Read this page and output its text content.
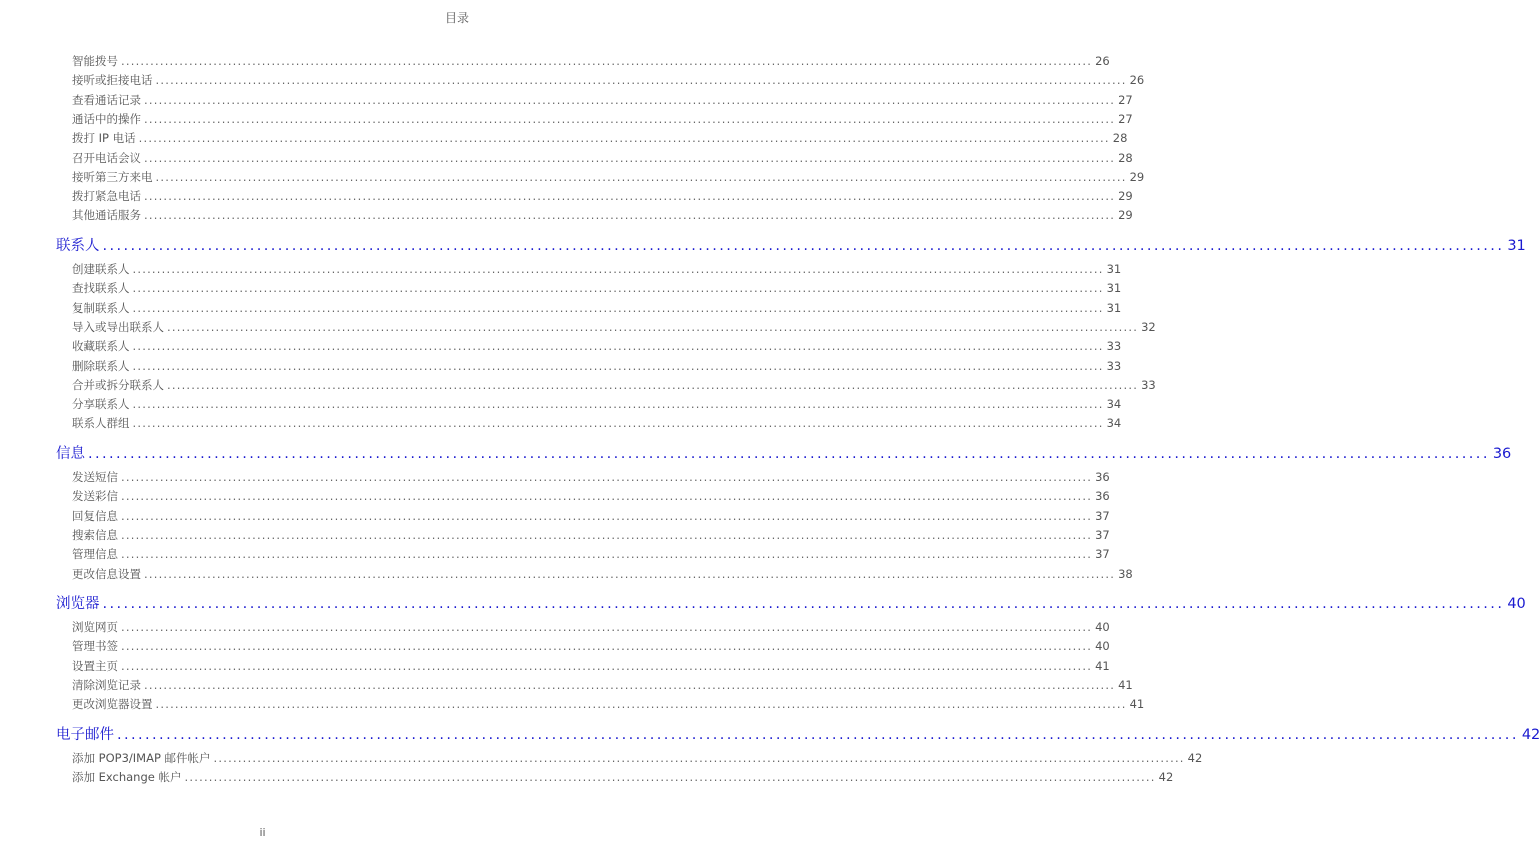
目录
智能拨号 ........................................................................................................................................................................................................ 26
接听或拒接电话 ........................................................................................................................................................................................................ 26
查看通话记录 ........................................................................................................................................................................................................ 27
通话中的操作 ........................................................................................................................................................................................................ 27
拨打 IP 电话 ........................................................................................................................................................................................................ 28
召开电话会议 ........................................................................................................................................................................................................ 28
接听第三方来电 ........................................................................................................................................................................................................ 29
拨打紧急电话 ........................................................................................................................................................................................................ 29
其他通话服务 ........................................................................................................................................................................................................ 29
联系人 ........................................................................................................................................................................................................ 31
创建联系人 ........................................................................................................................................................................................................ 31
查找联系人 ........................................................................................................................................................................................................ 31
复制联系人 ........................................................................................................................................................................................................ 31
导入或导出联系人 ........................................................................................................................................................................................................ 32
收藏联系人 ........................................................................................................................................................................................................ 33
删除联系人 ........................................................................................................................................................................................................ 33
合并或拆分联系人 ........................................................................................................................................................................................................ 33
分享联系人 ........................................................................................................................................................................................................ 34
联系人群组 ........................................................................................................................................................................................................ 34
信息 ........................................................................................................................................................................................................ 36
发送短信 ........................................................................................................................................................................................................ 36
发送彩信 ........................................................................................................................................................................................................ 36
回复信息 ........................................................................................................................................................................................................ 37
搜索信息 ........................................................................................................................................................................................................ 37
管理信息 ........................................................................................................................................................................................................ 37
更改信息设置 ........................................................................................................................................................................................................ 38
浏览器 ........................................................................................................................................................................................................ 40
浏览网页 ........................................................................................................................................................................................................ 40
管理书签 ........................................................................................................................................................................................................ 40
设置主页 ........................................................................................................................................................................................................ 41
清除浏览记录 ........................................................................................................................................................................................................ 41
更改浏览器设置 ........................................................................................................................................................................................................ 41
电子邮件 ........................................................................................................................................................................................................ 42
添加 POP3/IMAP 邮件帐户 ........................................................................................................................................................................................................ 42
添加 Exchange 帐户 ........................................................................................................................................................................................................ 42
ii
